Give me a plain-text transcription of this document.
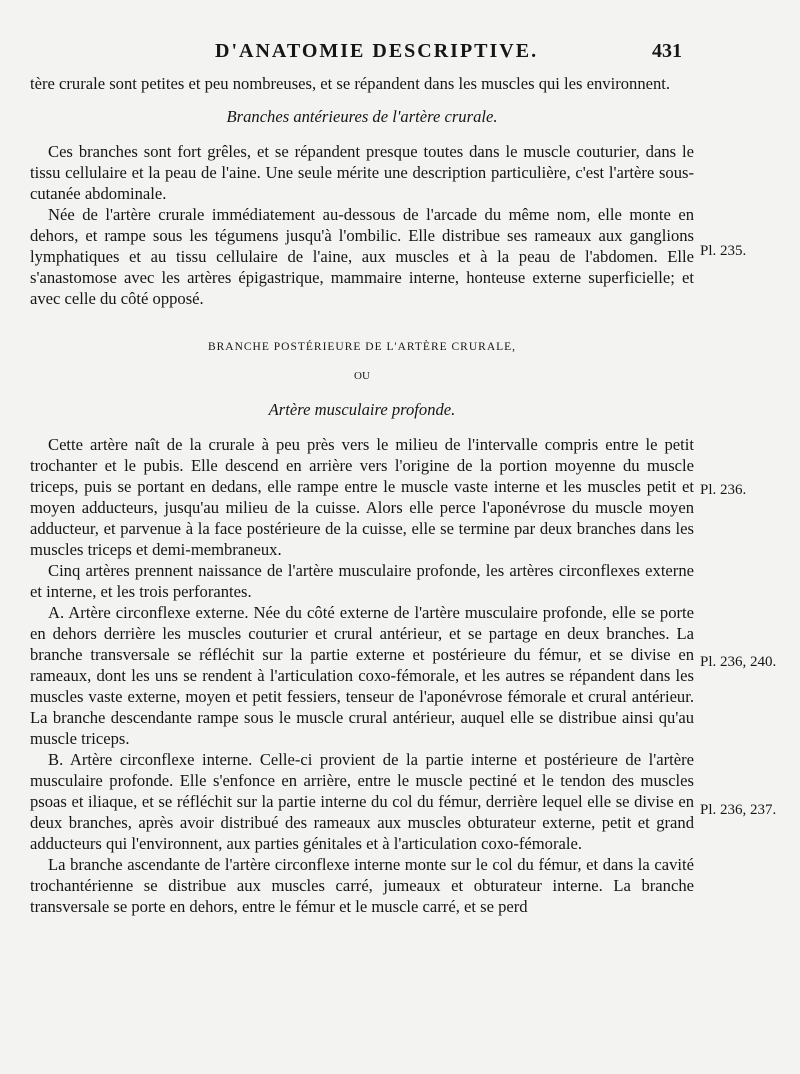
D'ANATOMIE DESCRIPTIVE.	431

tère crurale sont petites et peu nombreuses, et se répandent dans les muscles qui les environnent.

Branches antérieures de l'artère crurale.

Ces branches sont fort grêles, et se répandent presque toutes dans le muscle couturier, dans le tissu cellulaire et la peau de l'aine. Une seule mérite une description particulière, c'est l'artère sous-cutanée abdominale.

Née de l'artère crurale immédiatement au-dessous de l'arcade du même nom, elle monte en dehors, et rampe sous les tégumens jusqu'à l'ombilic. Elle distribue ses rameaux aux ganglions lymphatiques et au tissu cellulaire de l'aine, aux muscles et à la peau de l'abdomen. Elle s'anastomose avec les artères épigastrique, mammaire interne, honteuse externe superficielle; et avec celle du côté opposé.

BRANCHE POSTÉRIEURE DE L'ARTÈRE CRURALE,

OU

Artère musculaire profonde.

Cette artère naît de la crurale à peu près vers le milieu de l'intervalle compris entre le petit trochanter et le pubis. Elle descend en arrière vers l'origine de la portion moyenne du muscle triceps, puis se portant en dedans, elle rampe entre le muscle vaste interne et les muscles petit et moyen adducteurs, jusqu'au milieu de la cuisse. Alors elle perce l'aponévrose du muscle moyen adducteur, et parvenue à la face postérieure de la cuisse, elle se termine par deux branches dans les muscles triceps et demi-membraneux.

Cinq artères prennent naissance de l'artère musculaire profonde, les artères circonflexes externe et interne, et les trois perforantes.

A. Artère circonflexe externe. Née du côté externe de l'artère musculaire profonde, elle se porte en dehors derrière les muscles couturier et crural antérieur, et se partage en deux branches. La branche transversale se réfléchit sur la partie externe et postérieure du fémur, et se divise en rameaux, dont les uns se rendent à l'articulation coxo-fémorale, et les autres se répandent dans les muscles vaste externe, moyen et petit fessiers, tenseur de l'aponévrose fémorale et crural antérieur. La branche descendante rampe sous le muscle crural antérieur, auquel elle se distribue ainsi qu'au muscle triceps.

B. Artère circonflexe interne. Celle-ci provient de la partie interne et postérieure de l'artère musculaire profonde. Elle s'enfonce en arrière, entre le muscle pectiné et le tendon des muscles psoas et iliaque, et se réfléchit sur la partie interne du col du fémur, derrière lequel elle se divise en deux branches, après avoir distribué des rameaux aux muscles obturateur externe, petit et grand adducteurs qui l'environnent, aux parties génitales et à l'articulation coxo-fémorale.

La branche ascendante de l'artère circonflexe interne monte sur le col du fémur, et dans la cavité trochantérienne se distribue aux muscles carré, jumeaux et obturateur interne. La branche transversale se porte en dehors, entre le fémur et le muscle carré, et se perd

Pl. 235.
Pl. 236.
Pl. 236, 240.
Pl. 236, 237.
